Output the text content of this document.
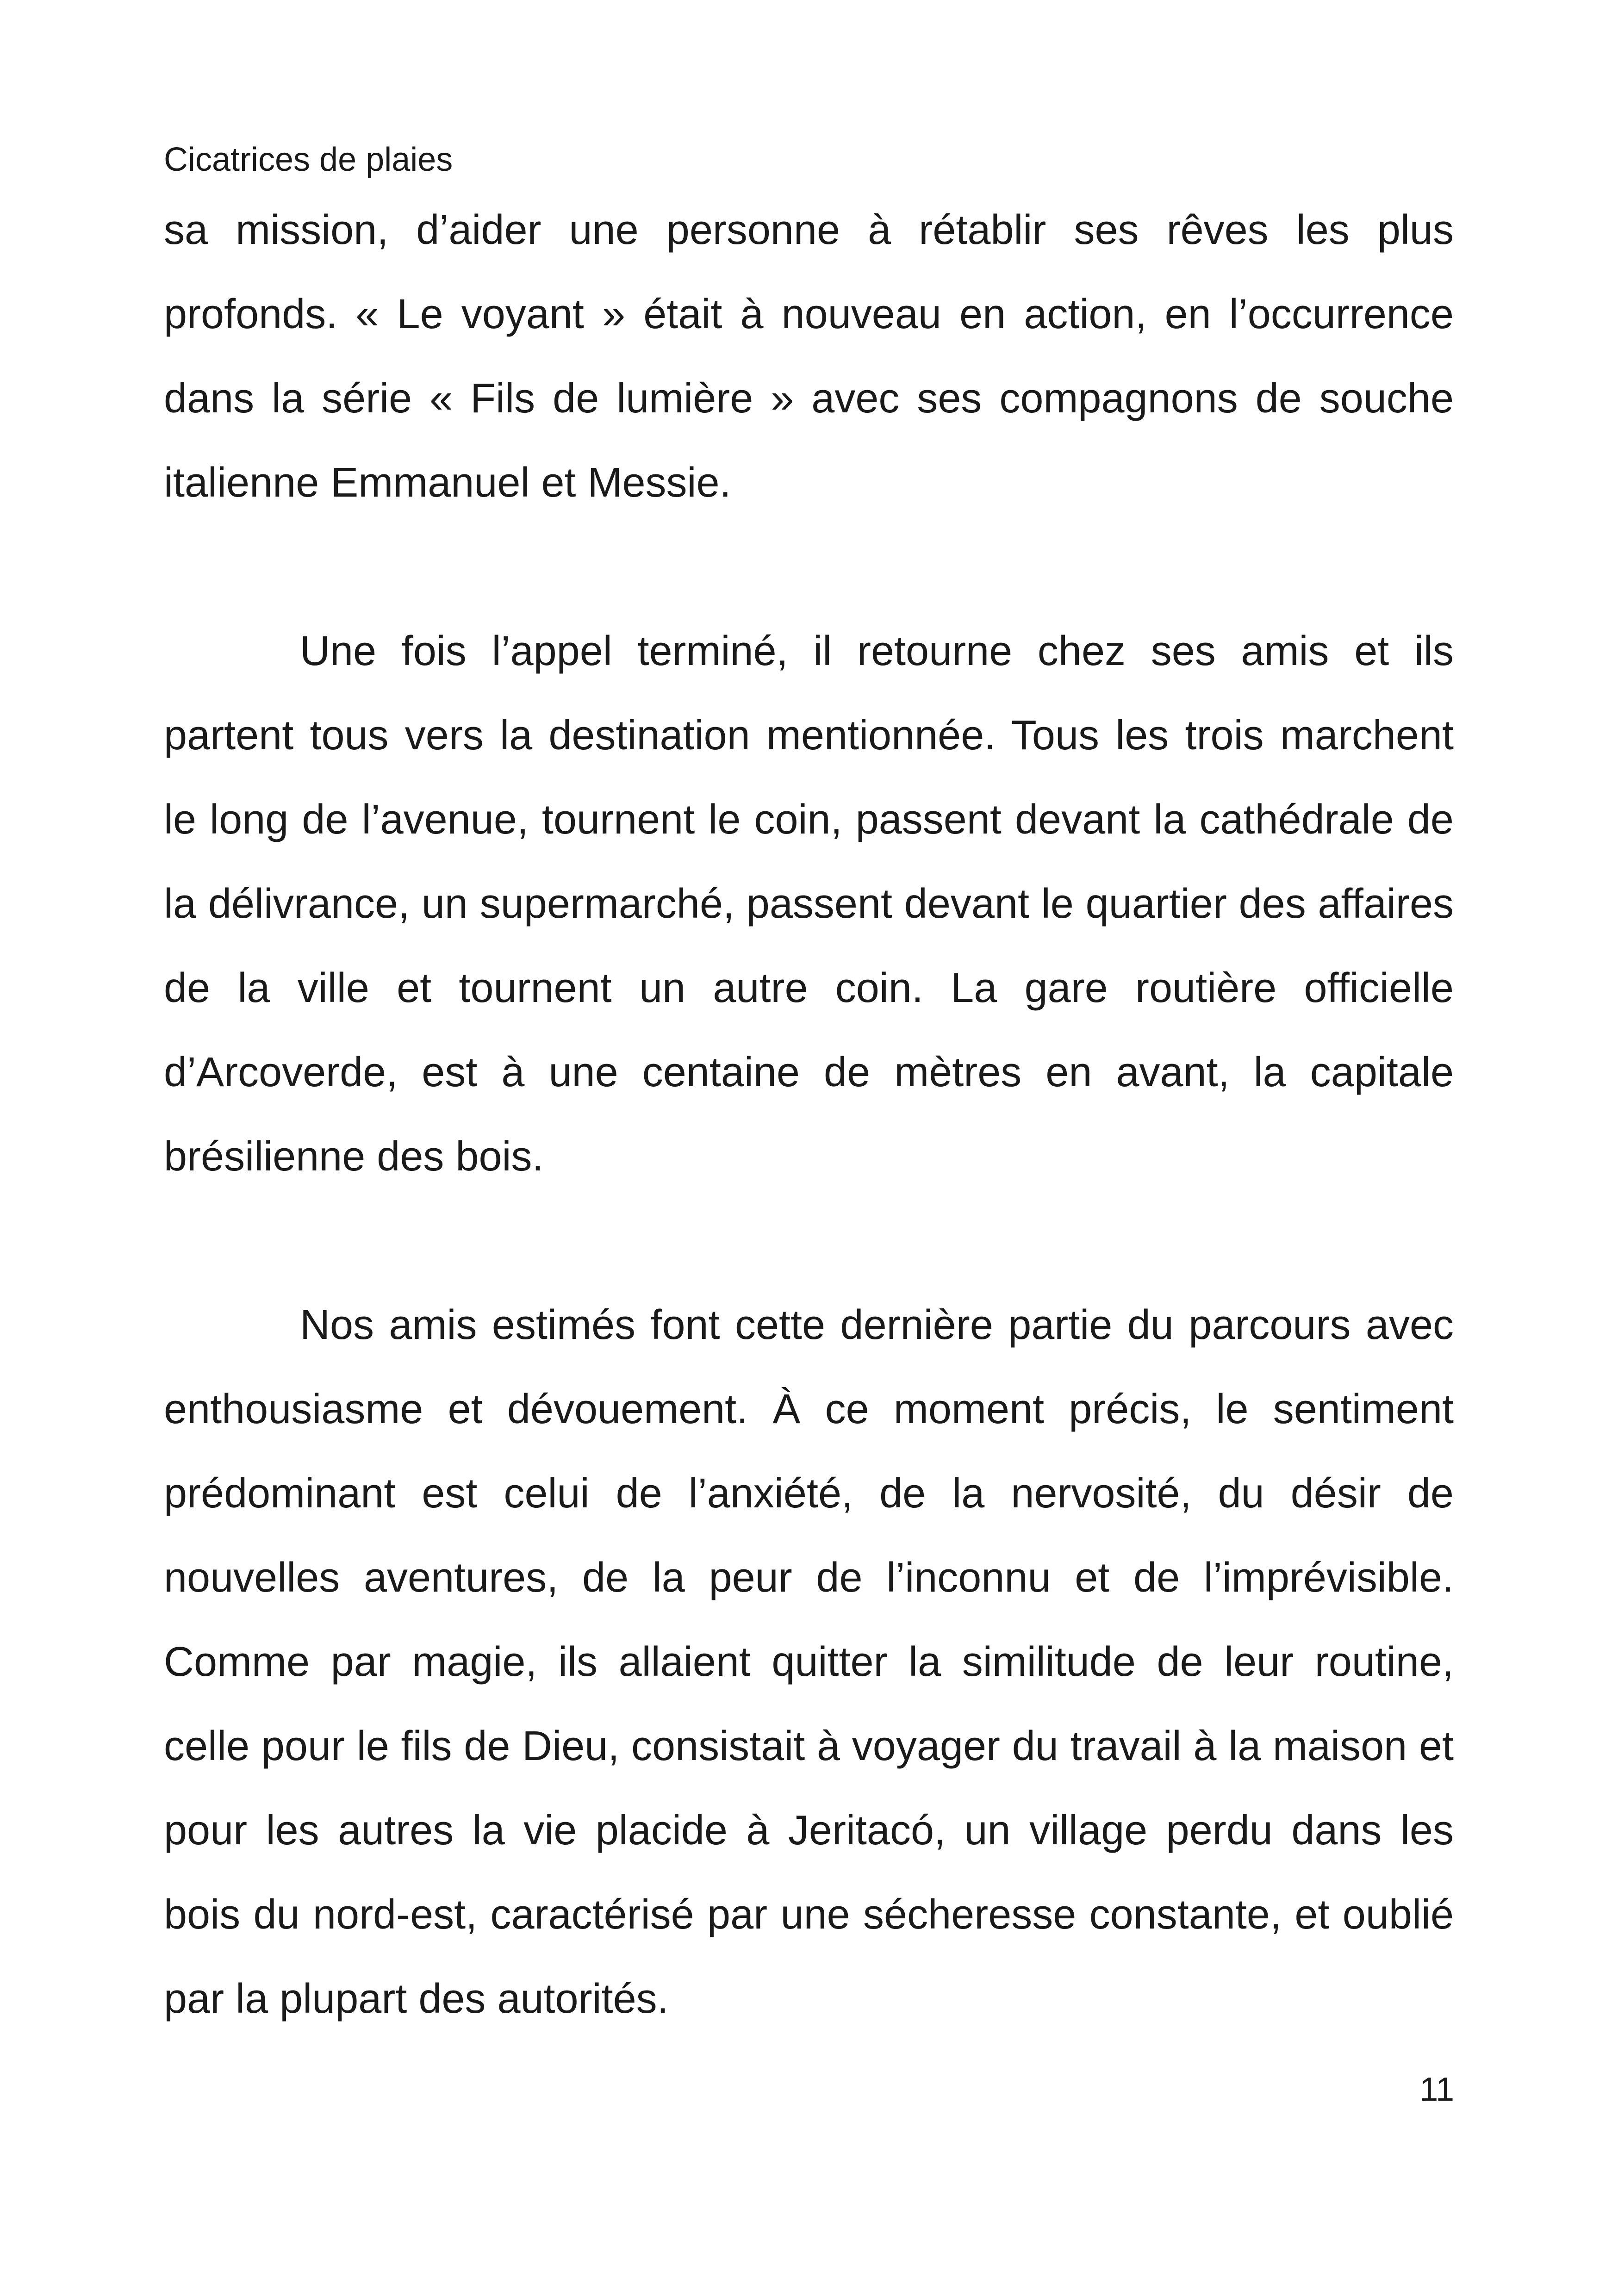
Cicatrices de plaies

sa mission, d’aider une personne à rétablir ses rêves les plus profonds. « Le voyant » était à nouveau en action, en l’occurrence dans la série « Fils de lumière » avec ses compagnons de souche italienne Emmanuel et Messie.

Une fois l’appel terminé, il retourne chez ses amis et ils partent tous vers la destination mentionnée. Tous les trois marchent le long de l’avenue, tournent le coin, passent devant la cathédrale de la délivrance, un supermarché, passent devant le quartier des affaires de la ville et tournent un autre coin. La gare routière officielle d’Arcoverde, est à une centaine de mètres en avant, la capitale brésilienne des bois.

Nos amis estimés font cette dernière partie du parcours avec enthousiasme et dévouement. À ce moment précis, le sentiment prédominant est celui de l’anxiété, de la nervosité, du désir de nouvelles aventures, de la peur de l’inconnu et de l’imprévisible. Comme par magie, ils allaient quitter la similitude de leur routine, celle pour le fils de Dieu, consistait à voyager du travail à la maison et pour les autres la vie placide à Jeritacó, un village perdu dans les bois du nord-est, caractérisé par une sécheresse constante, et oublié par la plupart des autorités.

11
